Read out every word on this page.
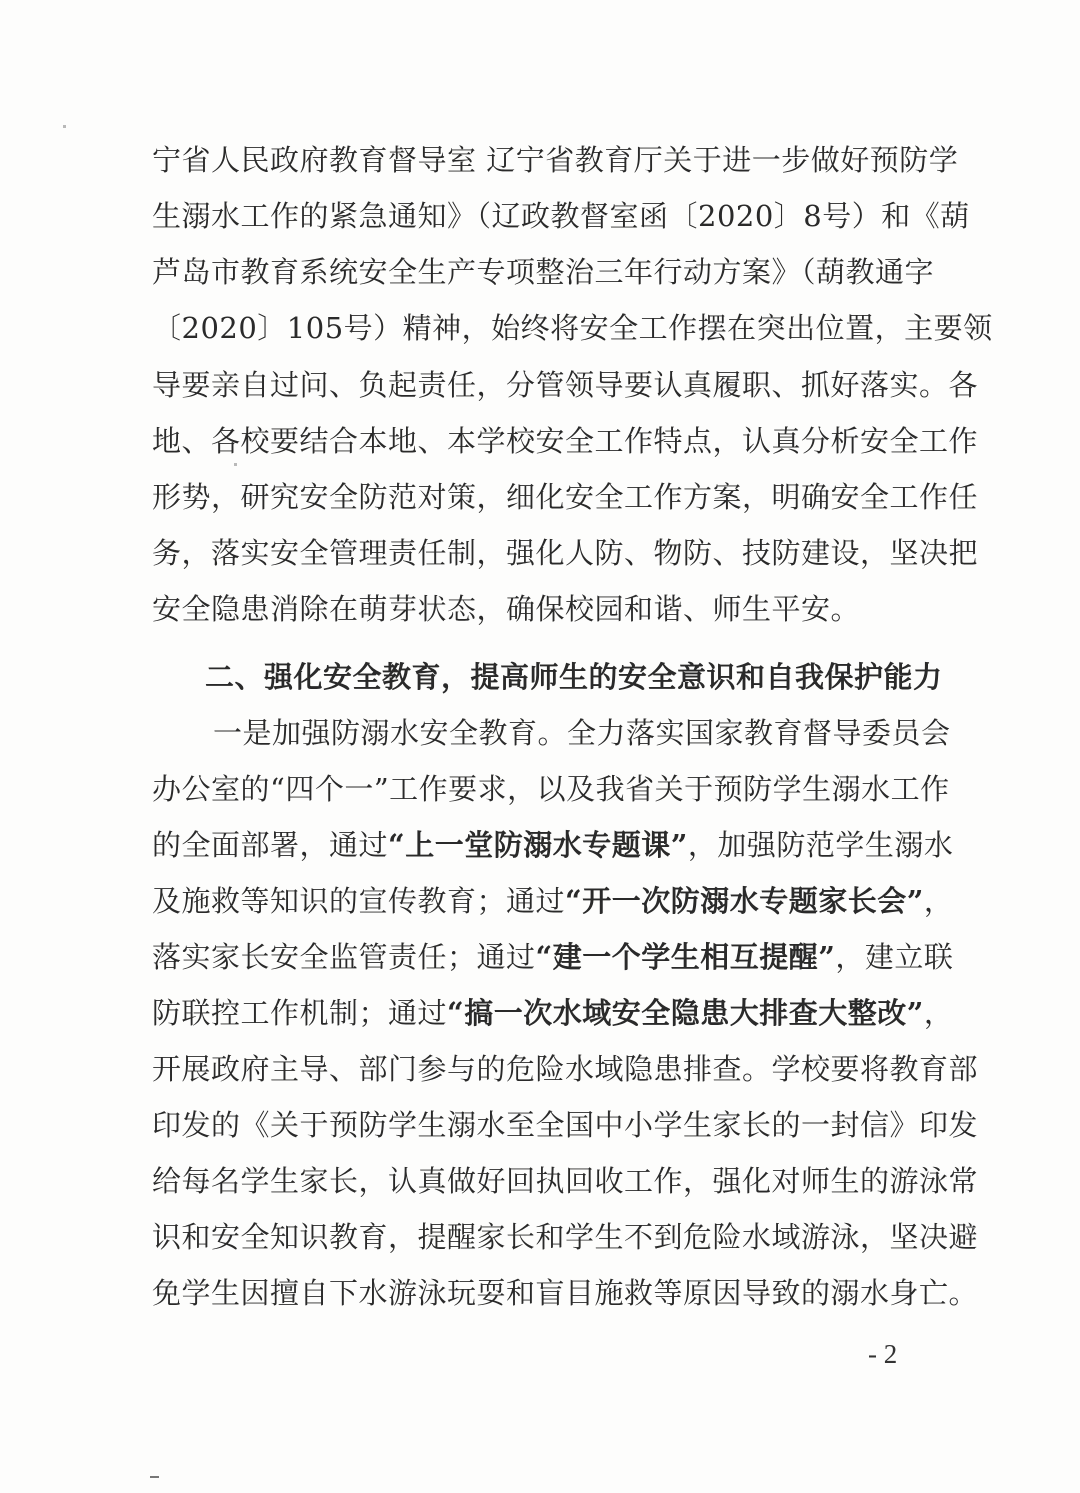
宁省人民政府教育督导室 辽宁省教育厅关于进一步做好预防学
生溺水工作的紧急通知》（辽政教督室函〔2020〕8号）和《葫
芦岛市教育系统安全生产专项整治三年行动方案》（葫教通字
〔2020〕105号）精神，始终将安全工作摆在突出位置，主要领
导要亲自过问、负起责任，分管领导要认真履职、抓好落实。各
地、各校要结合本地、本学校安全工作特点，认真分析安全工作
形势，研究安全防范对策，细化安全工作方案，明确安全工作任
务，落实安全管理责任制，强化人防、物防、技防建设，坚决把
安全隐患消除在萌芽状态，确保校园和谐、师生平安。
二、强化安全教育，提高师生的安全意识和自我保护能力
一是加强防溺水安全教育。全力落实国家教育督导委员会
办公室的“四个一”工作要求，以及我省关于预防学生溺水工作
的全面部署，通过“上一堂防溺水专题课”，加强防范学生溺水
及施救等知识的宣传教育；通过“开一次防溺水专题家长会”，
落实家长安全监管责任；通过“建一个学生相互提醒”，建立联
防联控工作机制；通过“搞一次水域安全隐患大排查大整改”，
开展政府主导、部门参与的危险水域隐患排查。学校要将教育部
印发的《关于预防学生溺水至全国中小学生家长的一封信》印发
给每名学生家长，认真做好回执回收工作，强化对师生的游泳常
识和安全知识教育，提醒家长和学生不到危险水域游泳，坚决避
免学生因擅自下水游泳玩耍和盲目施救等原因导致的溺水身亡。
- 2
